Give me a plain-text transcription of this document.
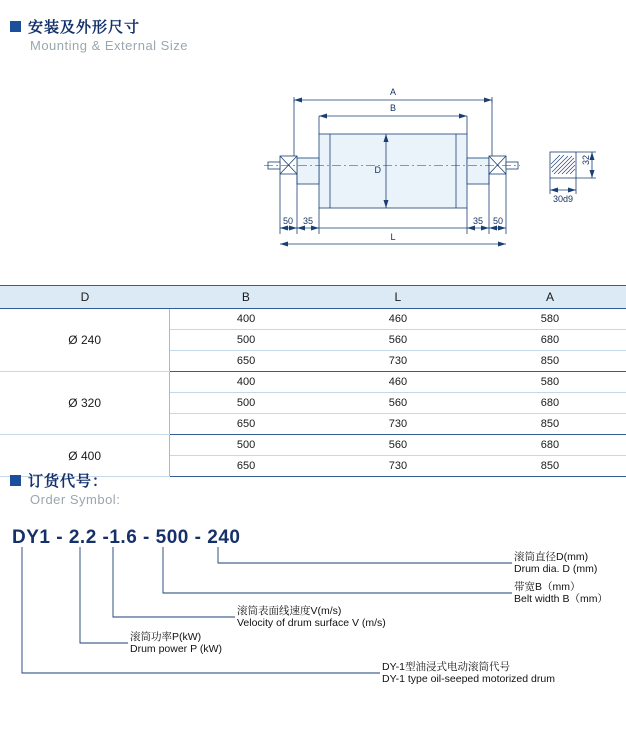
安装及外形尺寸
Mounting & External Size
A
B
D
50 35	35 50
L
32
30d9
D	B	L	A
Ø 240	400	460	580
	500	560	680
	650	730	850
Ø 320	400	460	580
	500	560	680
	650	730	850
Ø 400	500	560	680
	650	730	850
订货代号：
Order Symbol:
DY1 - 2.2 -1.6 - 500 - 240
滚筒直径D(mm)
Drum dia. D (mm)
带宽B（mm）
Belt width B（mm）
滚筒表面线速度V(m/s)
Velocity of drum surface V (m/s)
滚筒功率P(kW)
Drum power P (kW)
DY-1型油浸式电动滚筒代号
DY-1 type oil-seeped motorized drum
